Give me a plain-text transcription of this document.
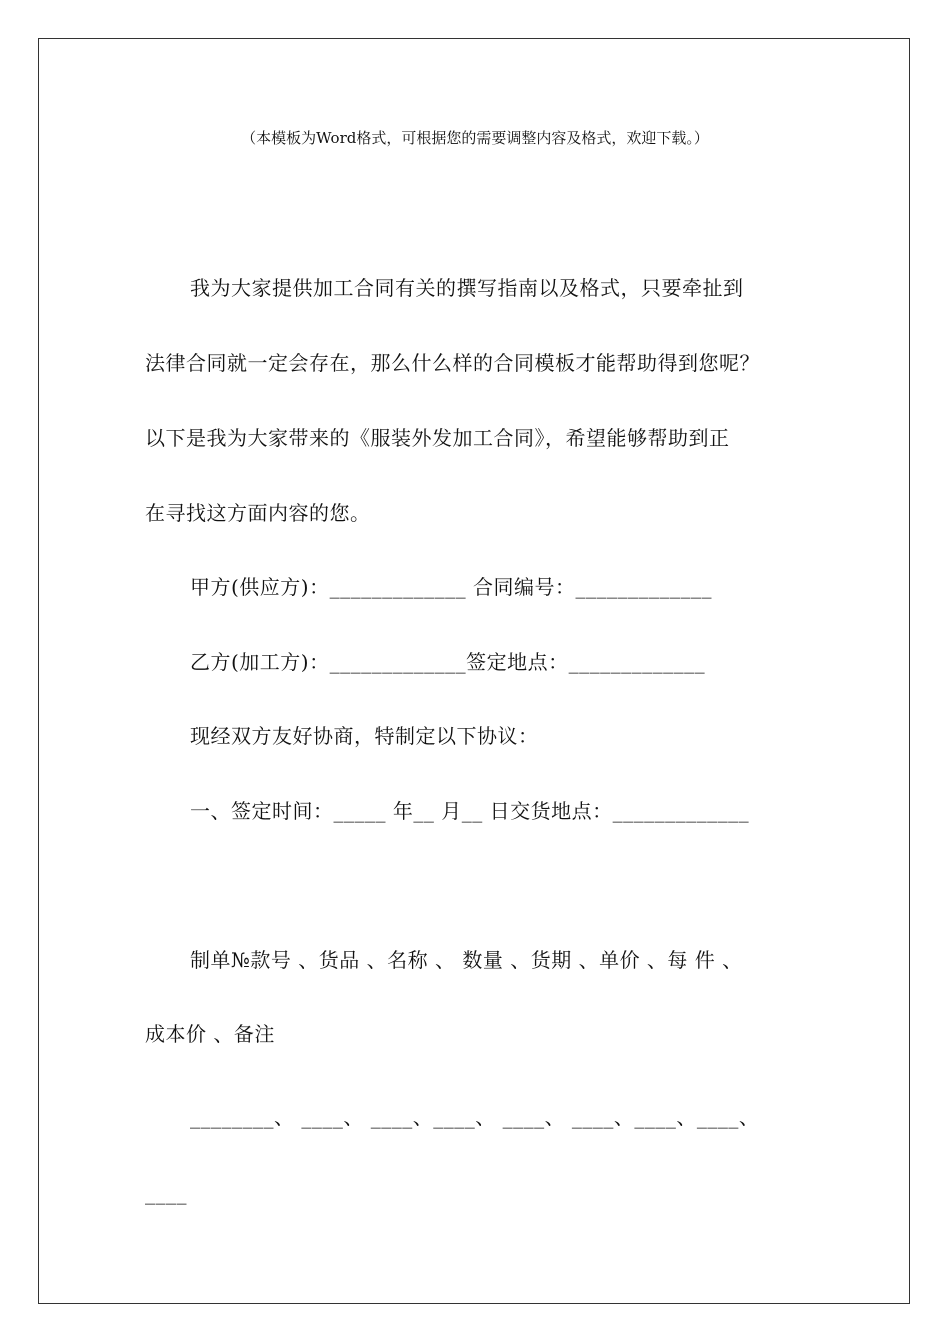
（本模板为Word格式，可根据您的需要调整内容及格式，欢迎下载。）
我为大家提供加工合同有关的撰写指南以及格式，只要牵扯到
法律合同就一定会存在，那么什么样的合同模板才能帮助得到您呢？
以下是我为大家带来的《服装外发加工合同》，希望能够帮助到正
在寻找这方面内容的您。
甲方(供应方)：_____________ 合同编号：_____________
乙方(加工方)：_____________签定地点：_____________
现经双方友好协商，特制定以下协议：
一、签定时间：_____ 年__ 月__ 日交货地点：_____________
制单№款号 、货品 、名称 、 数量 、货期 、单价 、每 件 、
成本价 、备注
________、 ____、 ____、____、 ____、 ____、____、____、
____
